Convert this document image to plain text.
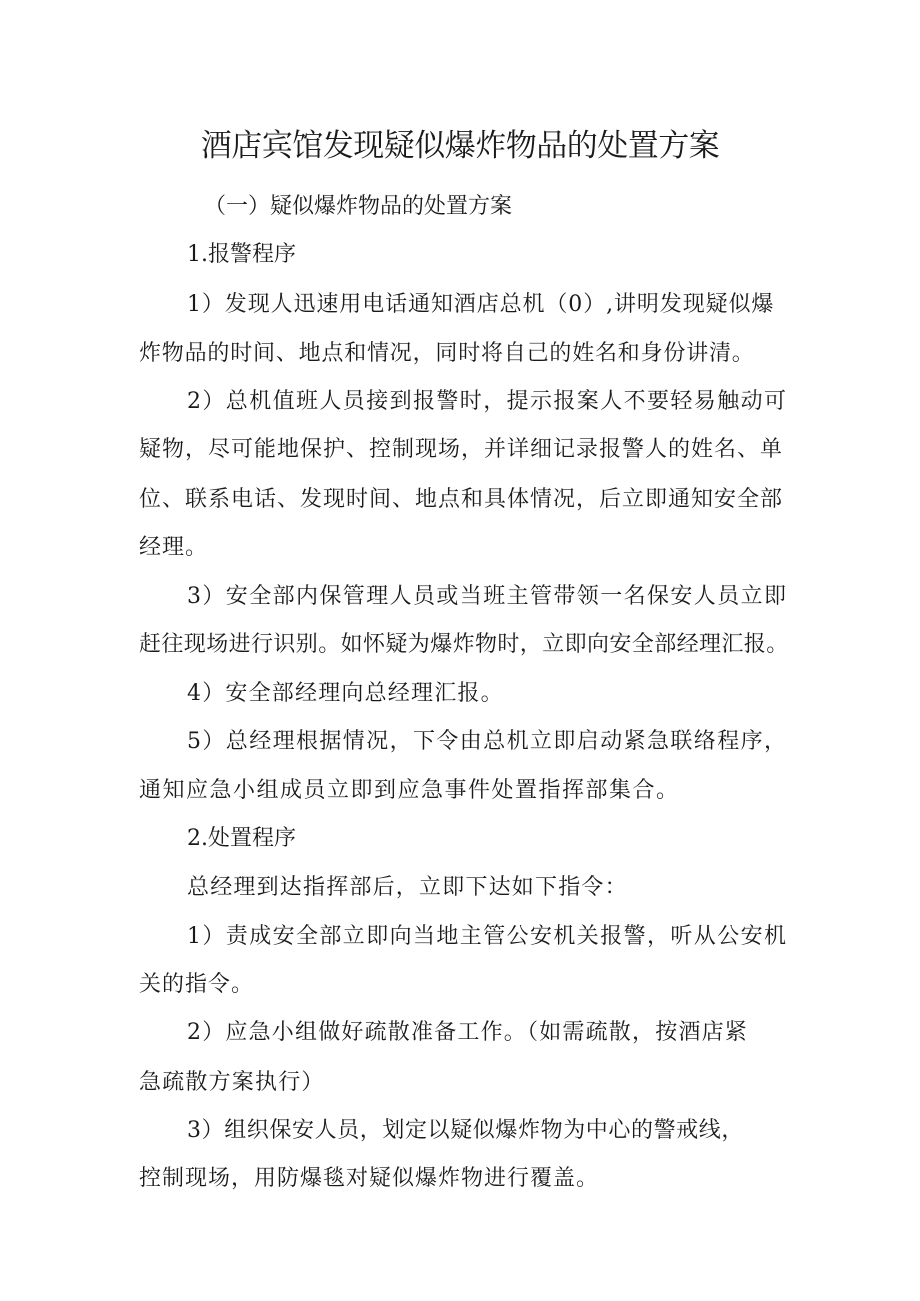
酒店宾馆发现疑似爆炸物品的处置方案
（一）疑似爆炸物品的处置方案
1.报警程序
1）发现人迅速用电话通知酒店总机（0）,讲明发现疑似爆
炸物品的时间、地点和情况，同时将自己的姓名和身份讲清。
2）总机值班人员接到报警时，提示报案人不要轻易触动可
疑物，尽可能地保护、控制现场，并详细记录报警人的姓名、单
位、联系电话、发现时间、地点和具体情况，后立即通知安全部
经理。
3）安全部内保管理人员或当班主管带领一名保安人员立即
赶往现场进行识别。如怀疑为爆炸物时，立即向安全部经理汇报。
4）安全部经理向总经理汇报。
5）总经理根据情况，下令由总机立即启动紧急联络程序，
通知应急小组成员立即到应急事件处置指挥部集合。
2.处置程序
总经理到达指挥部后，立即下达如下指令：
1）责成安全部立即向当地主管公安机关报警，听从公安机
关的指令。
2）应急小组做好疏散准备工作。（如需疏散，按酒店紧
急疏散方案执行）
3）组织保安人员，划定以疑似爆炸物为中心的警戒线，
控制现场，用防爆毯对疑似爆炸物进行覆盖。
